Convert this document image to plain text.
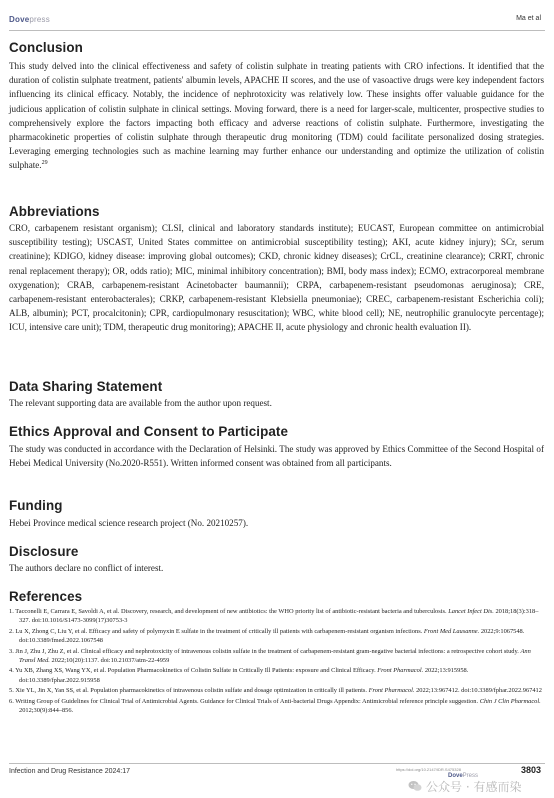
Dovepress	Ma et al
Conclusion

This study delved into the clinical effectiveness and safety of colistin sulphate in treating patients with CRO infections. It identified that the duration of colistin sulphate treatment, patients' albumin levels, APACHE II scores, and the use of vasoactive drugs were key independent factors influencing its clinical efficacy. Notably, the incidence of nephrotoxicity was relatively low. These insights offer valuable guidance for the judicious application of colistin sulphate in clinical settings. Moving forward, there is a need for larger-scale, multicenter, prospective studies to comprehensively explore the factors impacting both efficacy and adverse reactions of colistin sulphate. Furthermore, investigating the pharmacokinetic properties of colistin sulphate through therapeutic drug monitoring (TDM) could facilitate personalized dosing strategies. Leveraging emerging technologies such as machine learning may further enhance our understanding and optimize the utilization of colistin sulphate.$^{29}$

Abbreviations

CRO, carbapenem resistant organism); CLSI, clinical and laboratory standards institute); EUCAST, European committee on antimicrobial susceptibility testing); USCAST, United States committee on antimicrobial susceptibility testing); AKI, acute kidney injury); SCr, serum creatinine); KDIGO, kidney disease: improving global outcomes); CKD, chronic kidney diseases); CrCL, creatinine clearance); CRRT, chronic renal replacement therapy); OR, odds ratio); MIC, minimal inhibitory concentration); BMI, body mass index); ECMO, extracorporeal membrane oxygenation); CRAB, carbapenem-resistant Acinetobacter baumannii); CRPA, carbapenem-resistant pseudomonas aeruginosa); CRE, carbapenem-resistant enterobacterales); CRKP, carbapenem-resistant Klebsiella pneumoniae); CREC, carbapenem-resistant Escherichia coli); ALB, albumin); PCT, procalcitonin); CPR, cardiopulmonary resuscitation); WBC, white blood cell); NE, neutrophilic granulocyte percentage); ICU, intensive care unit); TDM, therapeutic drug monitoring); APACHE II, acute physiology and chronic health evaluation II).

Data Sharing Statement

The relevant supporting data are available from the author upon request.

Ethics Approval and Consent to Participate

The study was conducted in accordance with the Declaration of Helsinki. The study was approved by Ethics Committee of the Second Hospital of Hebei Medical University (No.2020-R551). Written informed consent was obtained from all participants.

Funding

Hebei Province medical science research project (No. 20210257).

Disclosure

The authors declare no conflict of interest.

References
1. Tacconelli E, Carrara E, Savoldi A, et al. Discovery, research, and development of new antibiotics: the WHO priority list of antibiotic-resistant bacteria and tuberculosis. Lancet Infect Dis. 2018;18(3):318–327. doi:10.1016/S1473-3099(17)30753-3
2. Lu X, Zhong C, Liu Y, et al. Efficacy and safety of polymyxin E sulfate in the treatment of critically ill patients with carbapenem-resistant organism infections. Front Med Lausanne. 2022;9:1067548. doi:10.3389/fmed.2022.1067548
3. Jin J, Zhu J, Zhu Z, et al. Clinical efficacy and nephrotoxicity of intravenous colistin sulfate in the treatment of carbapenem-resistant gram-negative bacterial infections: a retrospective cohort study. Ann Transl Med. 2022;10(20):1137. doi:10.21037/atm-22-4959
4. Yu XB, Zhang XS, Wang YX, et al. Population Pharmacokinetics of Colistin Sulfate in Critically Ill Patients: exposure and Clinical Efficacy. Front Pharmacol. 2022;13:915958. doi:10.3389/fphar.2022.915958
5. Xie YL, Jin X, Yan SS, et al. Population pharmacokinetics of intravenous colistin sulfate and dosage optimization in critically ill patients. Front Pharmacol. 2022;13:967412. doi:10.3389/fphar.2022.967412
6. Writing Group of Guidelines for Clinical Trial of Antimicrobial Agents. Guidance for Clinical Trials of Anti-bacterial Drugs Appendix: Antimicrobial reference principle suggestion. Chin J Clin Pharmacol. 2012;30(9):844–856.
Infection and Drug Resistance 2024:17	https://doi.org/10.2147/IDR.S475328	3803
DovePress
公众号 · 有感而染
